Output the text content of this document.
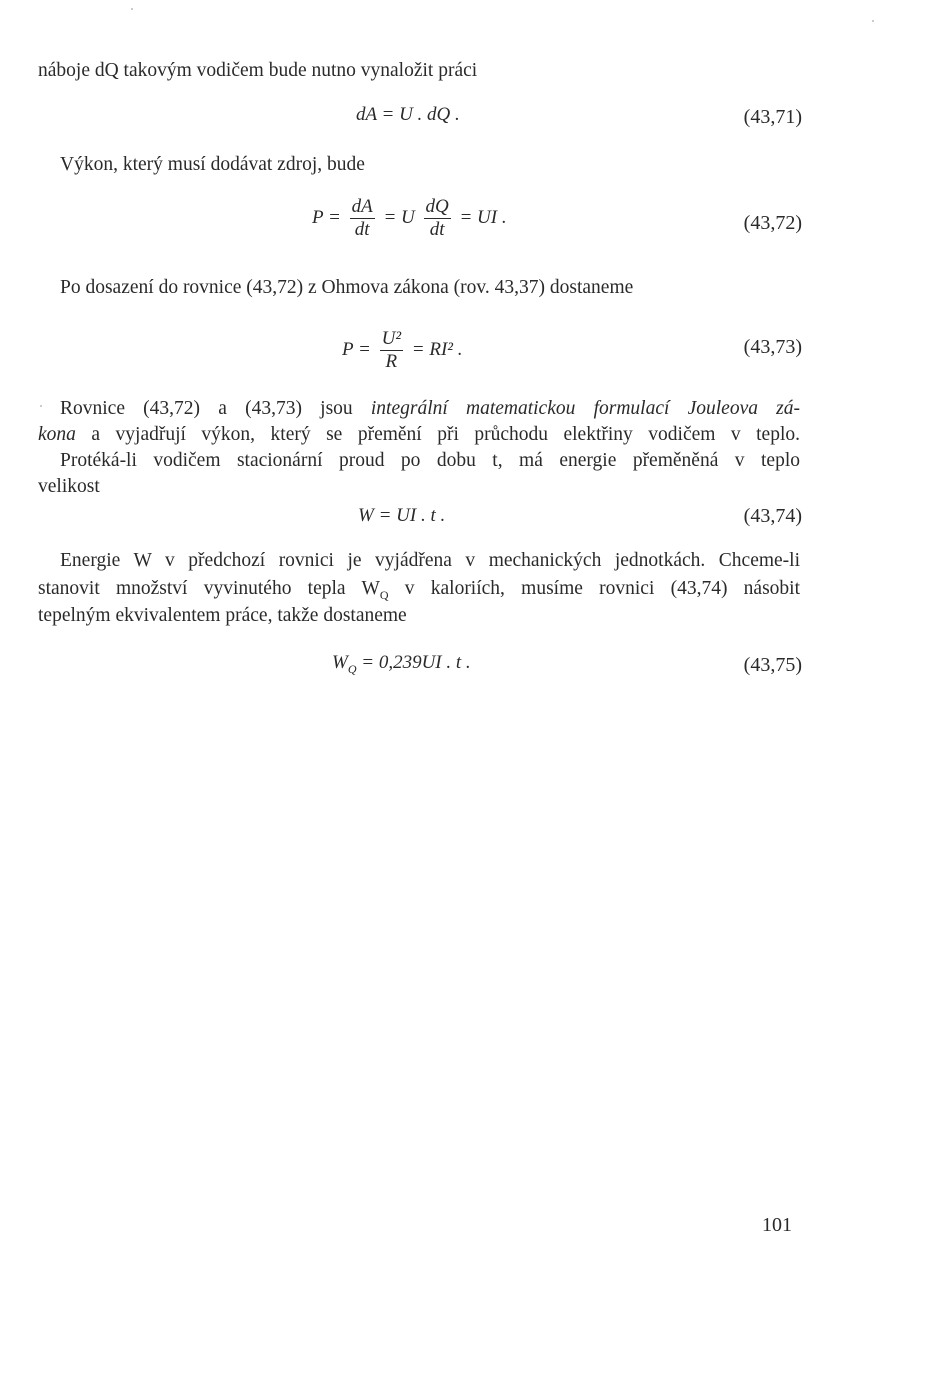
náboje dQ takovým vodičem bude nutno vynaložit práci
dA = U . dQ .	(43,71)
Výkon, který musí dodávat zdroj, bude
$P = \frac{dA}{dt} = U \frac{dQ}{dt}$ = UI .	(43,72)
Po dosazení do rovnice (43,72) z Ohmova zákona (rov. 43,37) dostaneme
$P = \frac{\text{U²}}{R} = RI^2$ .	(43,73)
Rovnice (43,72) a (43,73) jsou integrální matematickou formulací Jouleova zá-
kona a vyjadřují výkon, který se přemění při průchodu elektřiny vodičem v teplo.
Protéká-li vodičem stacionární proud po dobu t, má energie přeměněná v teplo
velikost
W = UI . t .	(43,74)
Energie W v předchozí rovnici je vyjádřena v mechanických jednotkách. Chceme-li
stanovit množství vyvinutého tepla $W_Q$ v kaloriích, musíme rovnici (43,74) násobit
tepelným ekvivalentem práce, takže dostaneme
$W_Q = 0,239UI$ . t .	(43,75)
101
